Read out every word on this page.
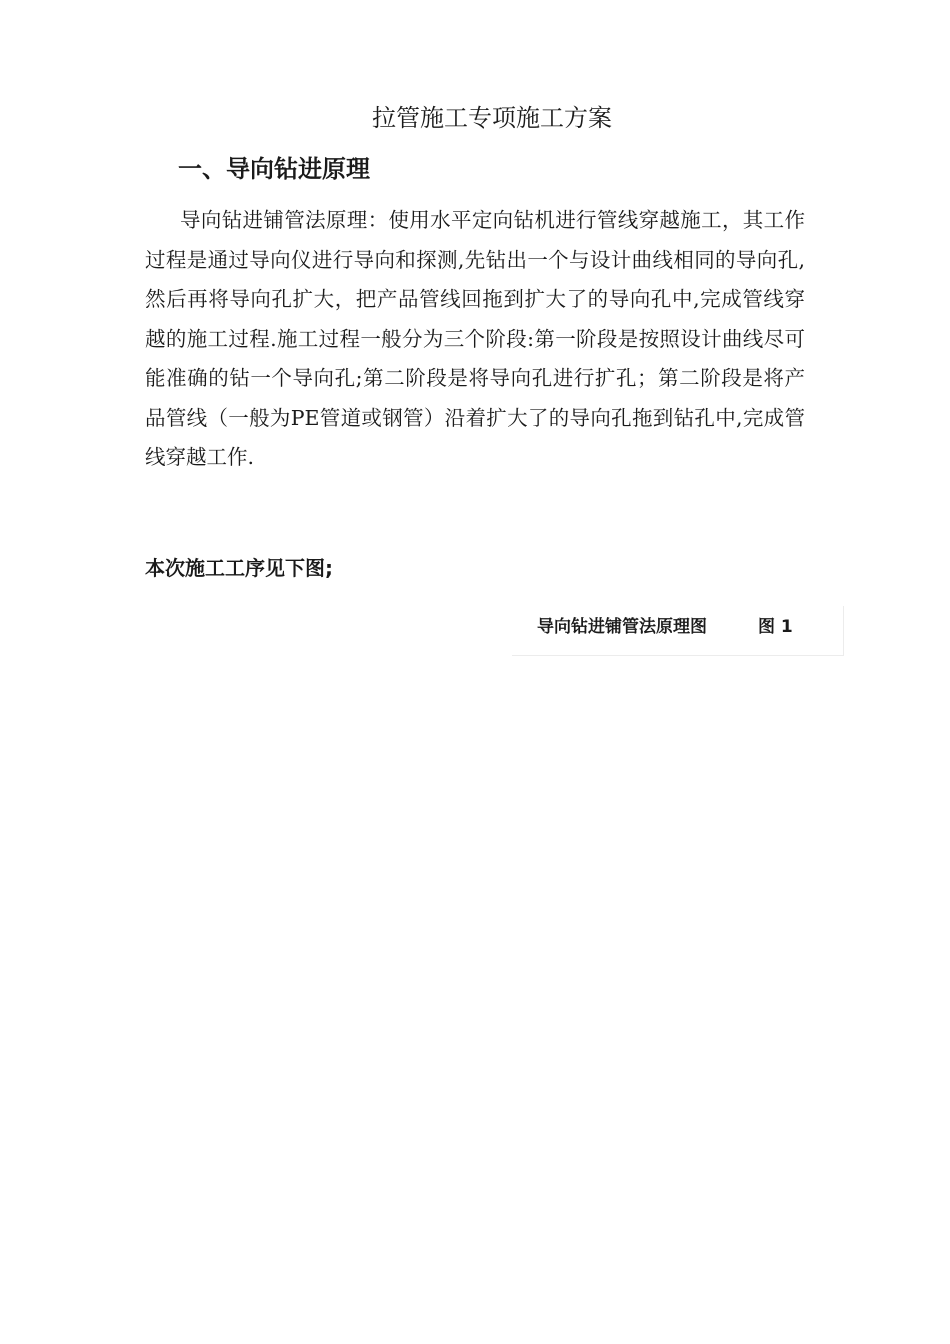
拉管施工专项施工方案
一、导向钻进原理

导向钻进铺管法原理：使用水平定向钻机进行管线穿越施工，其工作过程是通过导向仪进行导向和探测,先钻出一个与设计曲线相同的导向孔,然后再将导向孔扩大，把产品管线回拖到扩大了的导向孔中,完成管线穿越的施工过程.施工过程一般分为三个阶段:第一阶段是按照设计曲线尽可能准确的钻一个导向孔;第二阶段是将导向孔进行扩孔；第二阶段是将产品管线（一般为PE管道或钢管）沿着扩大了的导向孔拖到钻孔中,完成管线穿越工作.

本次施工工序见下图;

导向钻进铺管法原理图	图 1
